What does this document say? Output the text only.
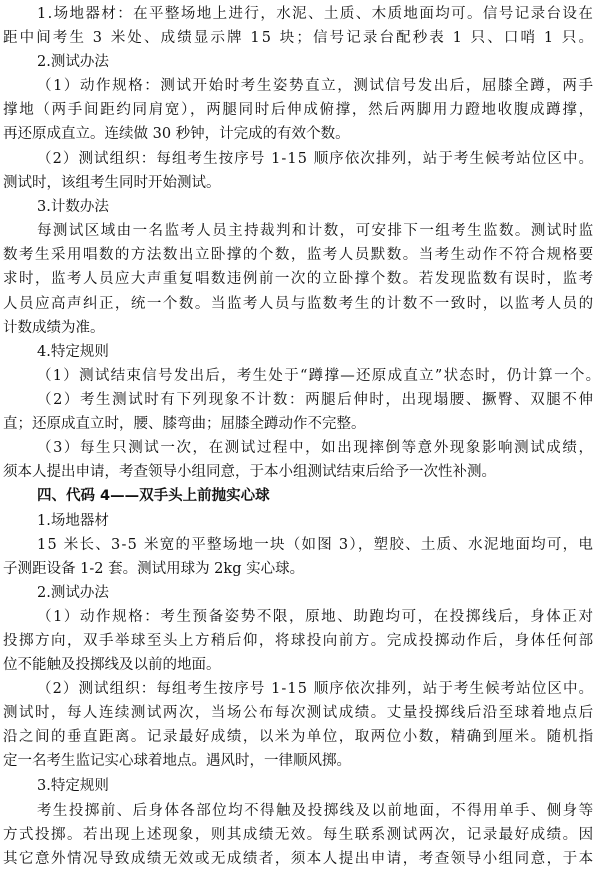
1.场地器材：在平整场地上进行，水泥、土质、木质地面均可。信号记录台设在
距中间考生 3 米处、成绩显示牌 15 块；信号记录台配秒表 1 只、口哨 1 只。
2.测试办法
（1）动作规格：测试开始时考生姿势直立，测试信号发出后，屈膝全蹲，两手
撑地（两手间距约同肩宽），两腿同时后伸成俯撑，然后两脚用力蹬地收腹成蹲撑，
再还原成直立。连续做 30 秒钟，计完成的有效个数。
（2）测试组织：每组考生按序号 1-15 顺序依次排列，站于考生候考站位区中。
测试时，该组考生同时开始测试。
3.计数办法
每测试区域由一名监考人员主持裁判和计数，可安排下一组考生监数。测试时监
数考生采用唱数的方法数出立卧撑的个数，监考人员默数。当考生动作不符合规格要
求时，监考人员应大声重复唱数违例前一次的立卧撑个数。若发现监数有误时，监考
人员应高声纠正，统一个数。当监考人员与监数考生的计数不一致时，以监考人员的
计数成绩为准。
4.特定规则
（1）测试结束信号发出后，考生处于“蹲撑—还原成直立”状态时，仍计算一个。
（2）考生测试时有下列现象不计数：两腿后伸时，出现塌腰、撅臀、双腿不伸
直；还原成直立时，腰、膝弯曲；屈膝全蹲动作不完整。
（3）每生只测试一次，在测试过程中，如出现摔倒等意外现象影响测试成绩，
须本人提出申请，考查领导小组同意，于本小组测试结束后给予一次性补测。
四、代码 4——双手头上前抛实心球
1.场地器材
15 米长、3-5 米宽的平整场地一块（如图 3），塑胶、土质、水泥地面均可，电
子测距设备 1-2 套。测试用球为 2kg 实心球。
2.测试办法
（1）动作规格：考生预备姿势不限，原地、助跑均可，在投掷线后，身体正对
投掷方向，双手举球至头上方稍后仰，将球投向前方。完成投掷动作后，身体任何部
位不能触及投掷线及以前的地面。
（2）测试组织：每组考生按序号 1-15 顺序依次排列，站于考生候考站位区中。
测试时，每人连续测试两次，当场公布每次测试成绩。丈量投掷线后沿至球着地点后
沿之间的垂直距离。记录最好成绩，以米为单位，取两位小数，精确到厘米。随机指
定一名考生监记实心球着地点。遇风时，一律顺风掷。
3.特定规则
考生投掷前、后身体各部位均不得触及投掷线及以前地面，不得用单手、侧身等
方式投掷。若出现上述现象，则其成绩无效。每生联系测试两次，记录最好成绩。因
其它意外情况导致成绩无效或无成绩者，须本人提出申请，考查领导小组同意，于本
